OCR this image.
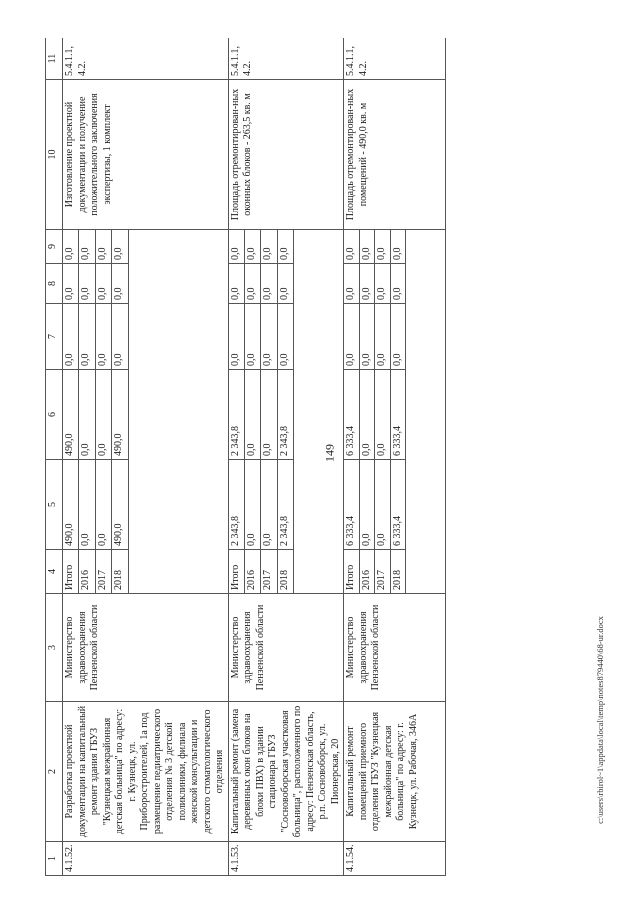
149
1	2	3	4	5	6	7	8	9	10	11
4.1.52.	Разработка проектной документации на капитальный ремонт здания ГБУЗ "Кузнецкая межрайонная детская больница" по адресу: г. Кузнецк, ул. Приборостроителей, 1а под размещение педиатрического отделения № 3 детской поликлиники, филиала женской консультации и детского стоматологического отделения	Министерство здравоохранения Пензенской области	Итого	490,0	490,0	0,0	0,0	0,0	Изготовление проектной документации и получение положительного заключения экспертизы, 1 комплект	5.4.1.1, 4.2.
			2016	0,0	0,0	0,0	0,0	0,0		
			2017	0,0	0,0	0,0	0,0	0,0		
			2018	490,0	490,0	0,0	0,0	0,0		

4.1.53.	Капитальный ремонт (замена деревянных окон блоков на блоки ПВХ) в здании стационара ГБУЗ "Сосновоборская участковая больница", расположенного по адресу: Пензенская область, р.п. Сосновоборск, ул. Пионерская, 20	Министерство здравоохранения Пензенской области	Итого	2 343,8	2 343,8	0,0	0,0	0,0	Площадь отремонтирован-ных оконных блоков - 263,5 кв. м	5.4.1.1, 4.2.
			2016	0,0	0,0	0,0	0,0	0,0		
			2017	0,0	0,0	0,0	0,0	0,0		
			2018	2 343,8	2 343,8	0,0	0,0	0,0		

4.1.54.	Капитальный ремонт помещений приемного отделения ГБУЗ "Кузнецкая межрайонная детская больница" по адресу: г. Кузнецк, ул. Рабочая, 346А	Министерство здравоохранения Пензенской области	Итого	6 333,4	6 333,4	0,0	0,0	0,0	Площадь отремонтирован-ных помещений - 490,0 кв. м	5.4.1.1, 4.2.
			2016	0,0	0,0	0,0	0,0	0,0		
			2017	0,0	0,0	0,0	0,0	0,0		
			2018	6 333,4	6 333,4	0,0	0,0	0,0		

c:\users\rbirol~1\appdata\local\temp\notes879440\68-ur.docx
